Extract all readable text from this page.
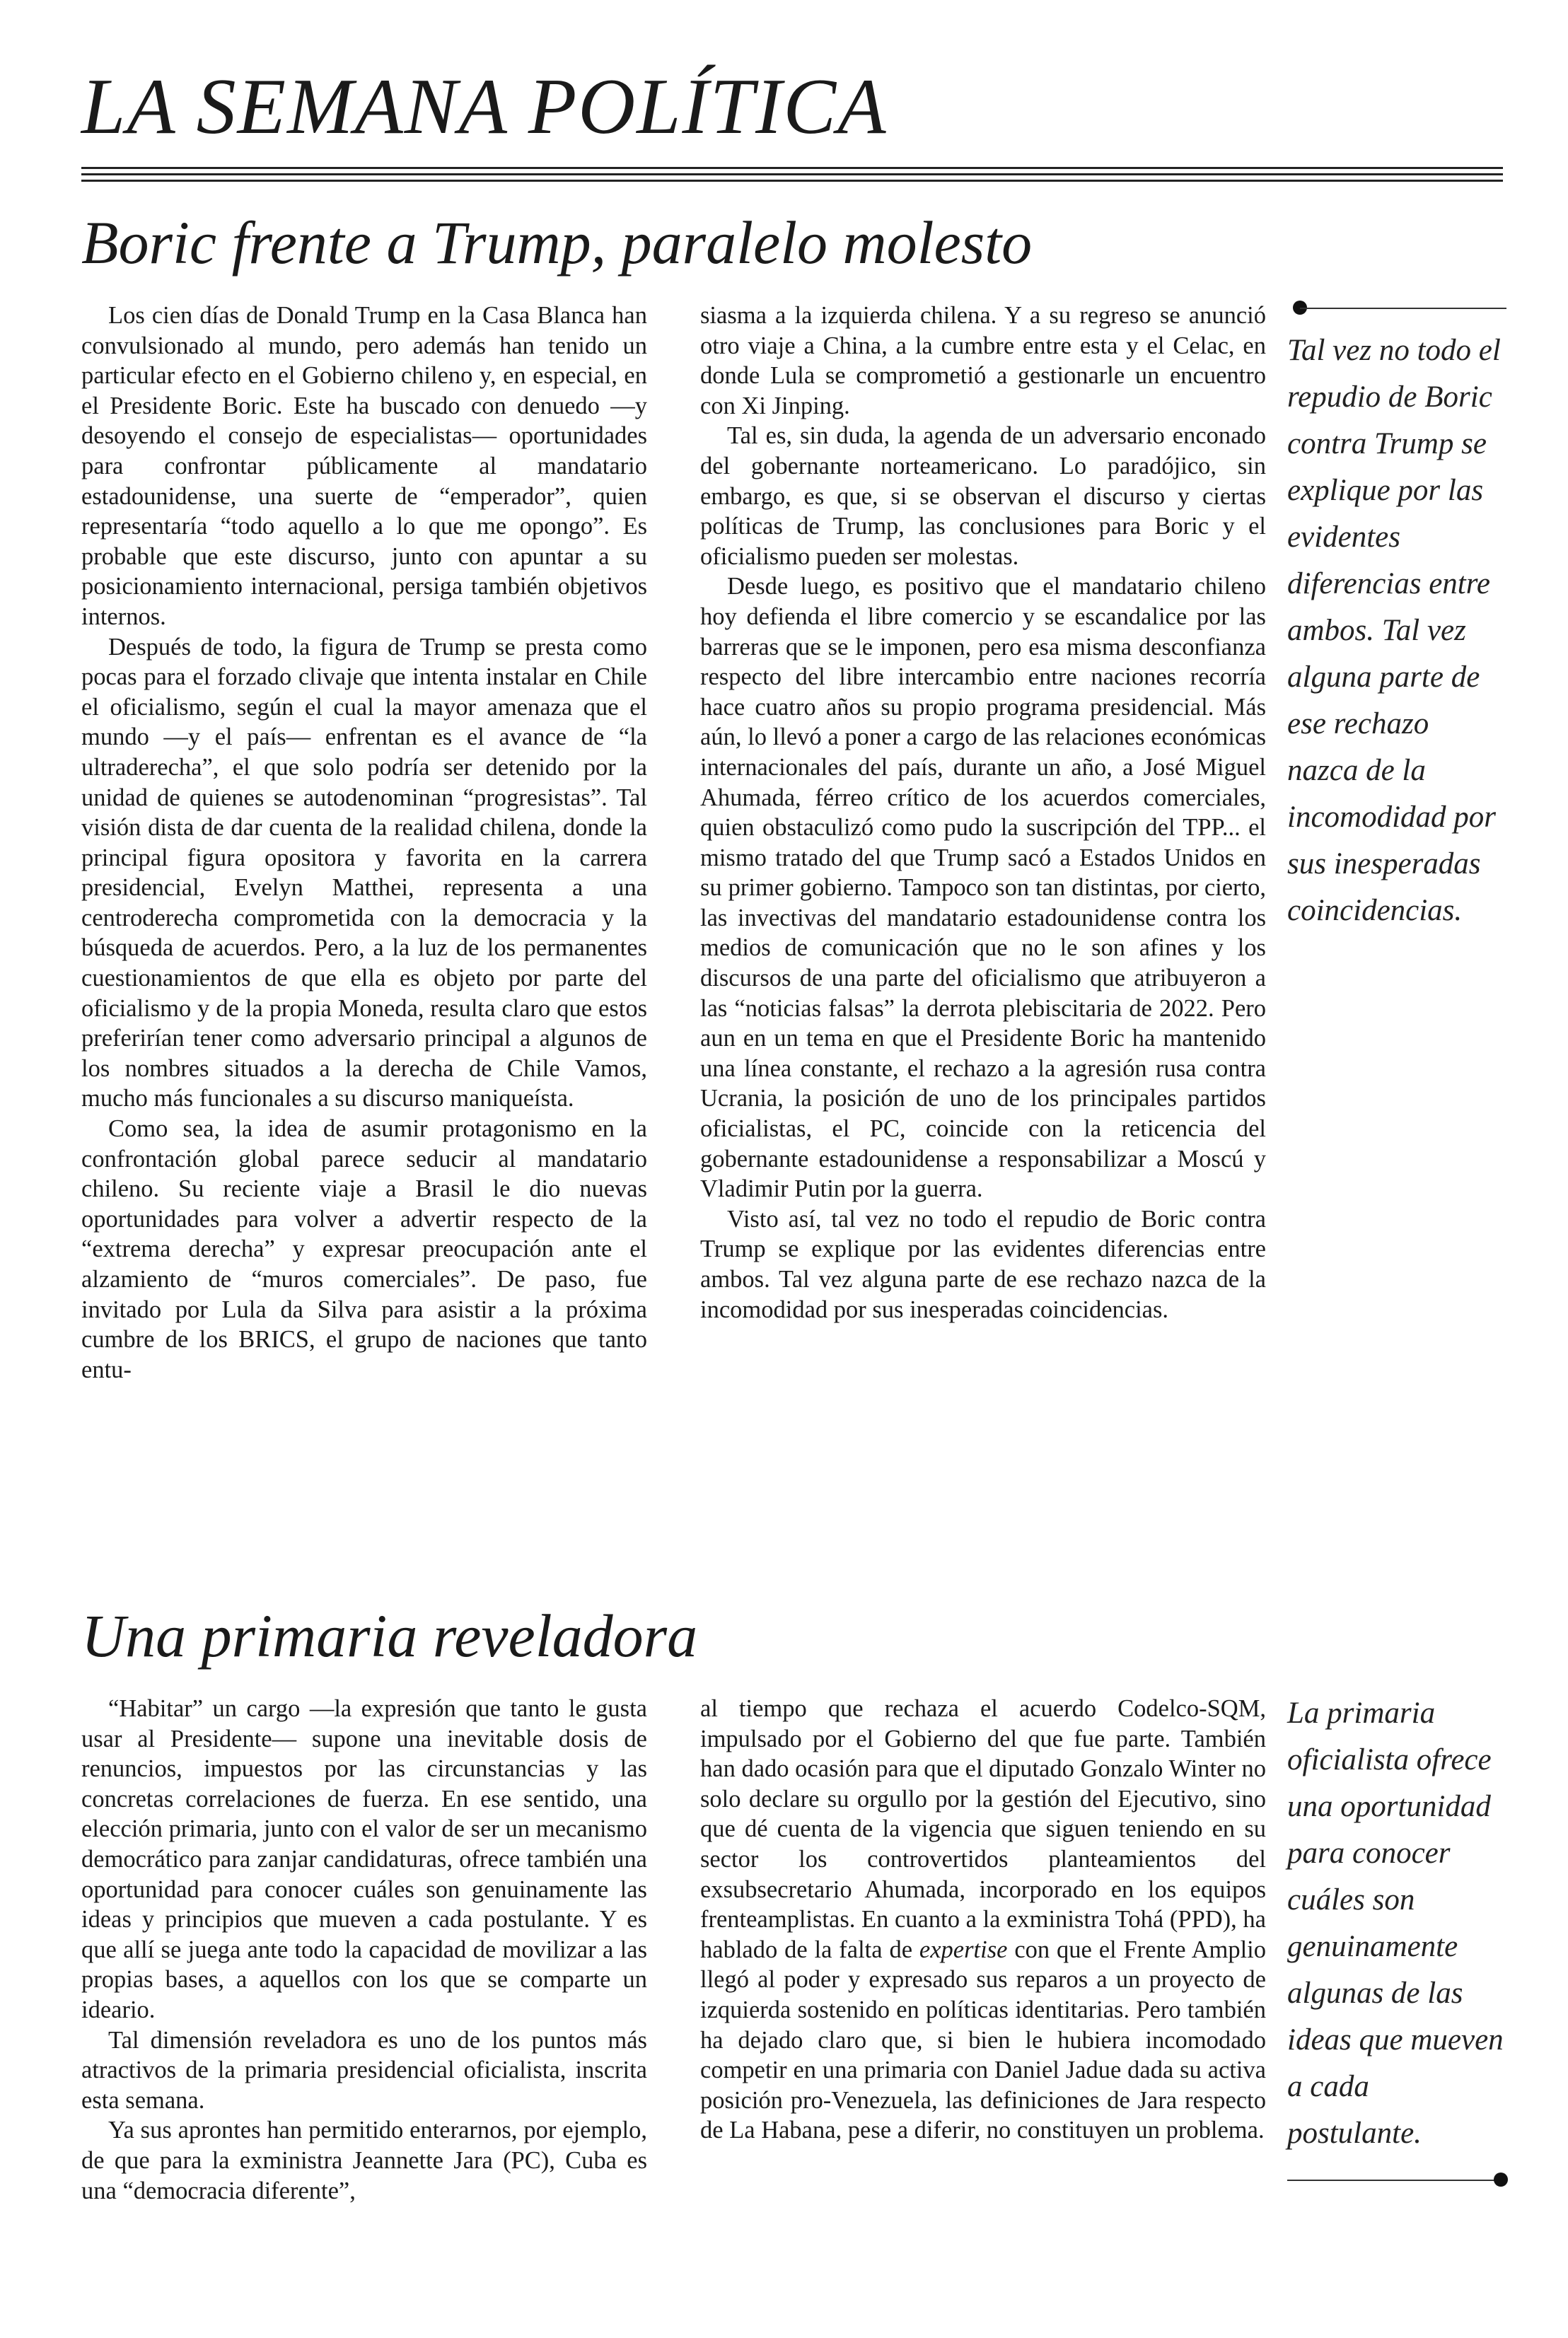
LA SEMANA POLÍTICA
Boric frente a Trump, paralelo molesto

Los cien días de Donald Trump en la Casa Blanca han convulsionado al mundo, pero además han tenido un particular efecto en el Gobierno chileno y, en especial, en el Presidente Boric. Este ha buscado con denuedo —y desoyendo el consejo de especialistas— oportunidades para confrontar públicamente al mandatario estadounidense, una suerte de “emperador”, quien representaría “todo aquello a lo que me opongo”. Es probable que este discurso, junto con apuntar a su posicionamiento internacional, persiga también objetivos internos.

Después de todo, la figura de Trump se presta como pocas para el forzado clivaje que intenta instalar en Chile el oficialismo, según el cual la mayor amenaza que el mundo —y el país— enfrentan es el avance de “la ultraderecha”, el que solo podría ser detenido por la unidad de quienes se autodenominan “progresistas”. Tal visión dista de dar cuenta de la realidad chilena, donde la principal figura opositora y favorita en la carrera presidencial, Evelyn Matthei, representa a una centroderecha comprometida con la democracia y la búsqueda de acuerdos. Pero, a la luz de los permanentes cuestionamientos de que ella es objeto por parte del oficialismo y de la propia Moneda, resulta claro que estos preferirían tener como adversario principal a algunos de los nombres situados a la derecha de Chile Vamos, mucho más funcionales a su discurso maniqueísta.

Como sea, la idea de asumir protagonismo en la confrontación global parece seducir al mandatario chileno. Su reciente viaje a Brasil le dio nuevas oportunidades para volver a advertir respecto de la “extrema derecha” y expresar preocupación ante el alzamiento de “muros comerciales”. De paso, fue invitado por Lula da Silva para asistir a la próxima cumbre de los BRICS, el grupo de naciones que tanto entu-

siasma a la izquierda chilena. Y a su regreso se anunció otro viaje a China, a la cumbre entre esta y el Celac, en donde Lula se comprometió a gestionarle un encuentro con Xi Jinping.

Tal es, sin duda, la agenda de un adversario enconado del gobernante norteamericano. Lo paradójico, sin embargo, es que, si se observan el discurso y ciertas políticas de Trump, las conclusiones para Boric y el oficialismo pueden ser molestas.

Desde luego, es positivo que el mandatario chileno hoy defienda el libre comercio y se escandalice por las barreras que se le imponen, pero esa misma desconfianza respecto del libre intercambio entre naciones recorría hace cuatro años su propio programa presidencial. Más aún, lo llevó a poner a cargo de las relaciones económicas internacionales del país, durante un año, a José Miguel Ahumada, férreo crítico de los acuerdos comerciales, quien obstaculizó como pudo la suscripción del TPP... el mismo tratado del que Trump sacó a Estados Unidos en su primer gobierno. Tampoco son tan distintas, por cierto, las invectivas del mandatario estadounidense contra los medios de comunicación que no le son afines y los discursos de una parte del oficialismo que atribuyeron a las “noticias falsas” la derrota plebiscitaria de 2022. Pero aun en un tema en que el Presidente Boric ha mantenido una línea constante, el rechazo a la agresión rusa contra Ucrania, la posición de uno de los principales partidos oficialistas, el PC, coincide con la reticencia del gobernante estadounidense a responsabilizar a Moscú y Vladimir Putin por la guerra.

Visto así, tal vez no todo el repudio de Boric contra Trump se explique por las evidentes diferencias entre ambos. Tal vez alguna parte de ese rechazo nazca de la incomodidad por sus inesperadas coincidencias.

Tal vez no todo el repudio de Boric contra Trump se explique por las evidentes diferencias entre ambos. Tal vez alguna parte de ese rechazo nazca de la incomodidad por sus inesperadas coincidencias.
Una primaria reveladora

“Habitar” un cargo —la expresión que tanto le gusta usar al Presidente— supone una inevitable dosis de renuncios, impuestos por las circunstancias y las concretas correlaciones de fuerza. En ese sentido, una elección primaria, junto con el valor de ser un mecanismo democrático para zanjar candidaturas, ofrece también una oportunidad para conocer cuáles son genuinamente las ideas y principios que mueven a cada postulante. Y es que allí se juega ante todo la capacidad de movilizar a las propias bases, a aquellos con los que se comparte un ideario.

Tal dimensión reveladora es uno de los puntos más atractivos de la primaria presidencial oficialista, inscrita esta semana.

Ya sus aprontes han permitido enterarnos, por ejemplo, de que para la exministra Jeannette Jara (PC), Cuba es una “democracia diferente”,

al tiempo que rechaza el acuerdo Codelco-SQM, impulsado por el Gobierno del que fue parte. También han dado ocasión para que el diputado Gonzalo Winter no solo declare su orgullo por la gestión del Ejecutivo, sino que dé cuenta de la vigencia que siguen teniendo en su sector los controvertidos planteamientos del exsubsecretario Ahumada, incorporado en los equipos frenteamplistas. En cuanto a la exministra Tohá (PPD), ha hablado de la falta de expertise con que el Frente Amplio llegó al poder y expresado sus reparos a un proyecto de izquierda sostenido en políticas identitarias. Pero también ha dejado claro que, si bien le hubiera incomodado competir en una primaria con Daniel Jadue dada su activa posición pro-Venezuela, las definiciones de Jara respecto de La Habana, pese a diferir, no constituyen un problema.

La primaria oficialista ofrece una oportunidad para conocer cuáles son genuinamente algunas de las ideas que mueven a cada postulante.
